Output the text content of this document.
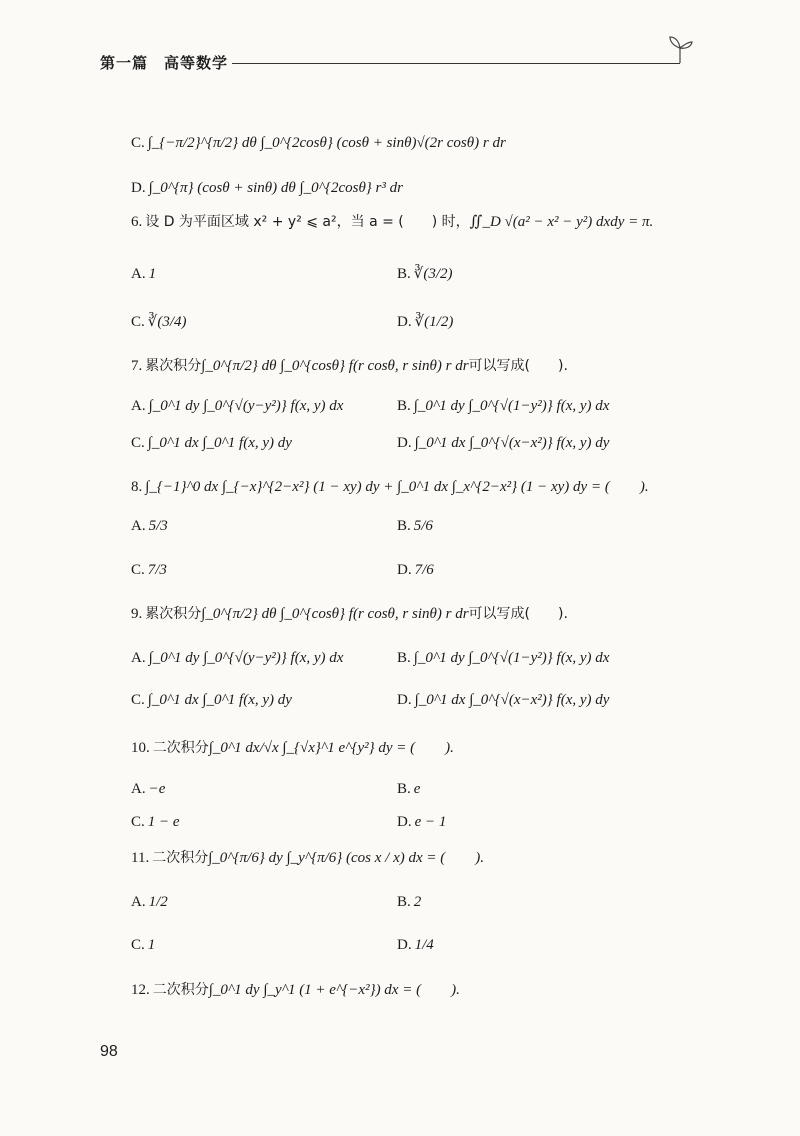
第一篇　高等数学
C. ∫_{−π/2}^{π/2} dθ ∫_0^{2cosθ} (cosθ + sinθ)√(2r cosθ) r dr
D. ∫_0^{π} (cosθ + sinθ) dθ ∫_0^{2cosθ} r³ dr
6. 设 D 为平面区域 x² + y² ⩽ a²，当 a = (　　) 时，∬_D √(a² − x² − y²) dxdy = π.
A. 1	B. ∛(3/2)
C. ∛(3/4)	D. ∛(1/2)
7. 累次积分∫_0^{π/2} dθ ∫_0^{cosθ} f(r cosθ, r sinθ) r dr可以写成(　　).
A. ∫_0^1 dy ∫_0^{√(y−y²)} f(x, y) dx	B. ∫_0^1 dy ∫_0^{√(1−y²)} f(x, y) dx
C. ∫_0^1 dx ∫_0^1 f(x, y) dy	D. ∫_0^1 dx ∫_0^{√(x−x²)} f(x, y) dy
8. ∫_{−1}^0 dx ∫_{−x}^{2−x²} (1 − xy) dy + ∫_0^1 dx ∫_x^{2−x²} (1 − xy) dy = (　　).
A. 5/3	B. 5/6
C. 7/3	D. 7/6
9. 累次积分∫_0^{π/2} dθ ∫_0^{cosθ} f(r cosθ, r sinθ) r dr可以写成(　　).
A. ∫_0^1 dy ∫_0^{√(y−y²)} f(x, y) dx	B. ∫_0^1 dy ∫_0^{√(1−y²)} f(x, y) dx
C. ∫_0^1 dx ∫_0^1 f(x, y) dy	D. ∫_0^1 dx ∫_0^{√(x−x²)} f(x, y) dy
10. 二次积分∫_0^1 dx/√x ∫_{√x}^1 e^{y²} dy = (　　).
A. −e	B. e
C. 1 − e	D. e − 1
11. 二次积分∫_0^{π/6} dy ∫_y^{π/6} (cos x / x) dx = (　　).
A. 1/2	B. 2
C. 1	D. 1/4
12. 二次积分∫_0^1 dy ∫_y^1 (1 + e^{−x²}) dx = (　　).
98
